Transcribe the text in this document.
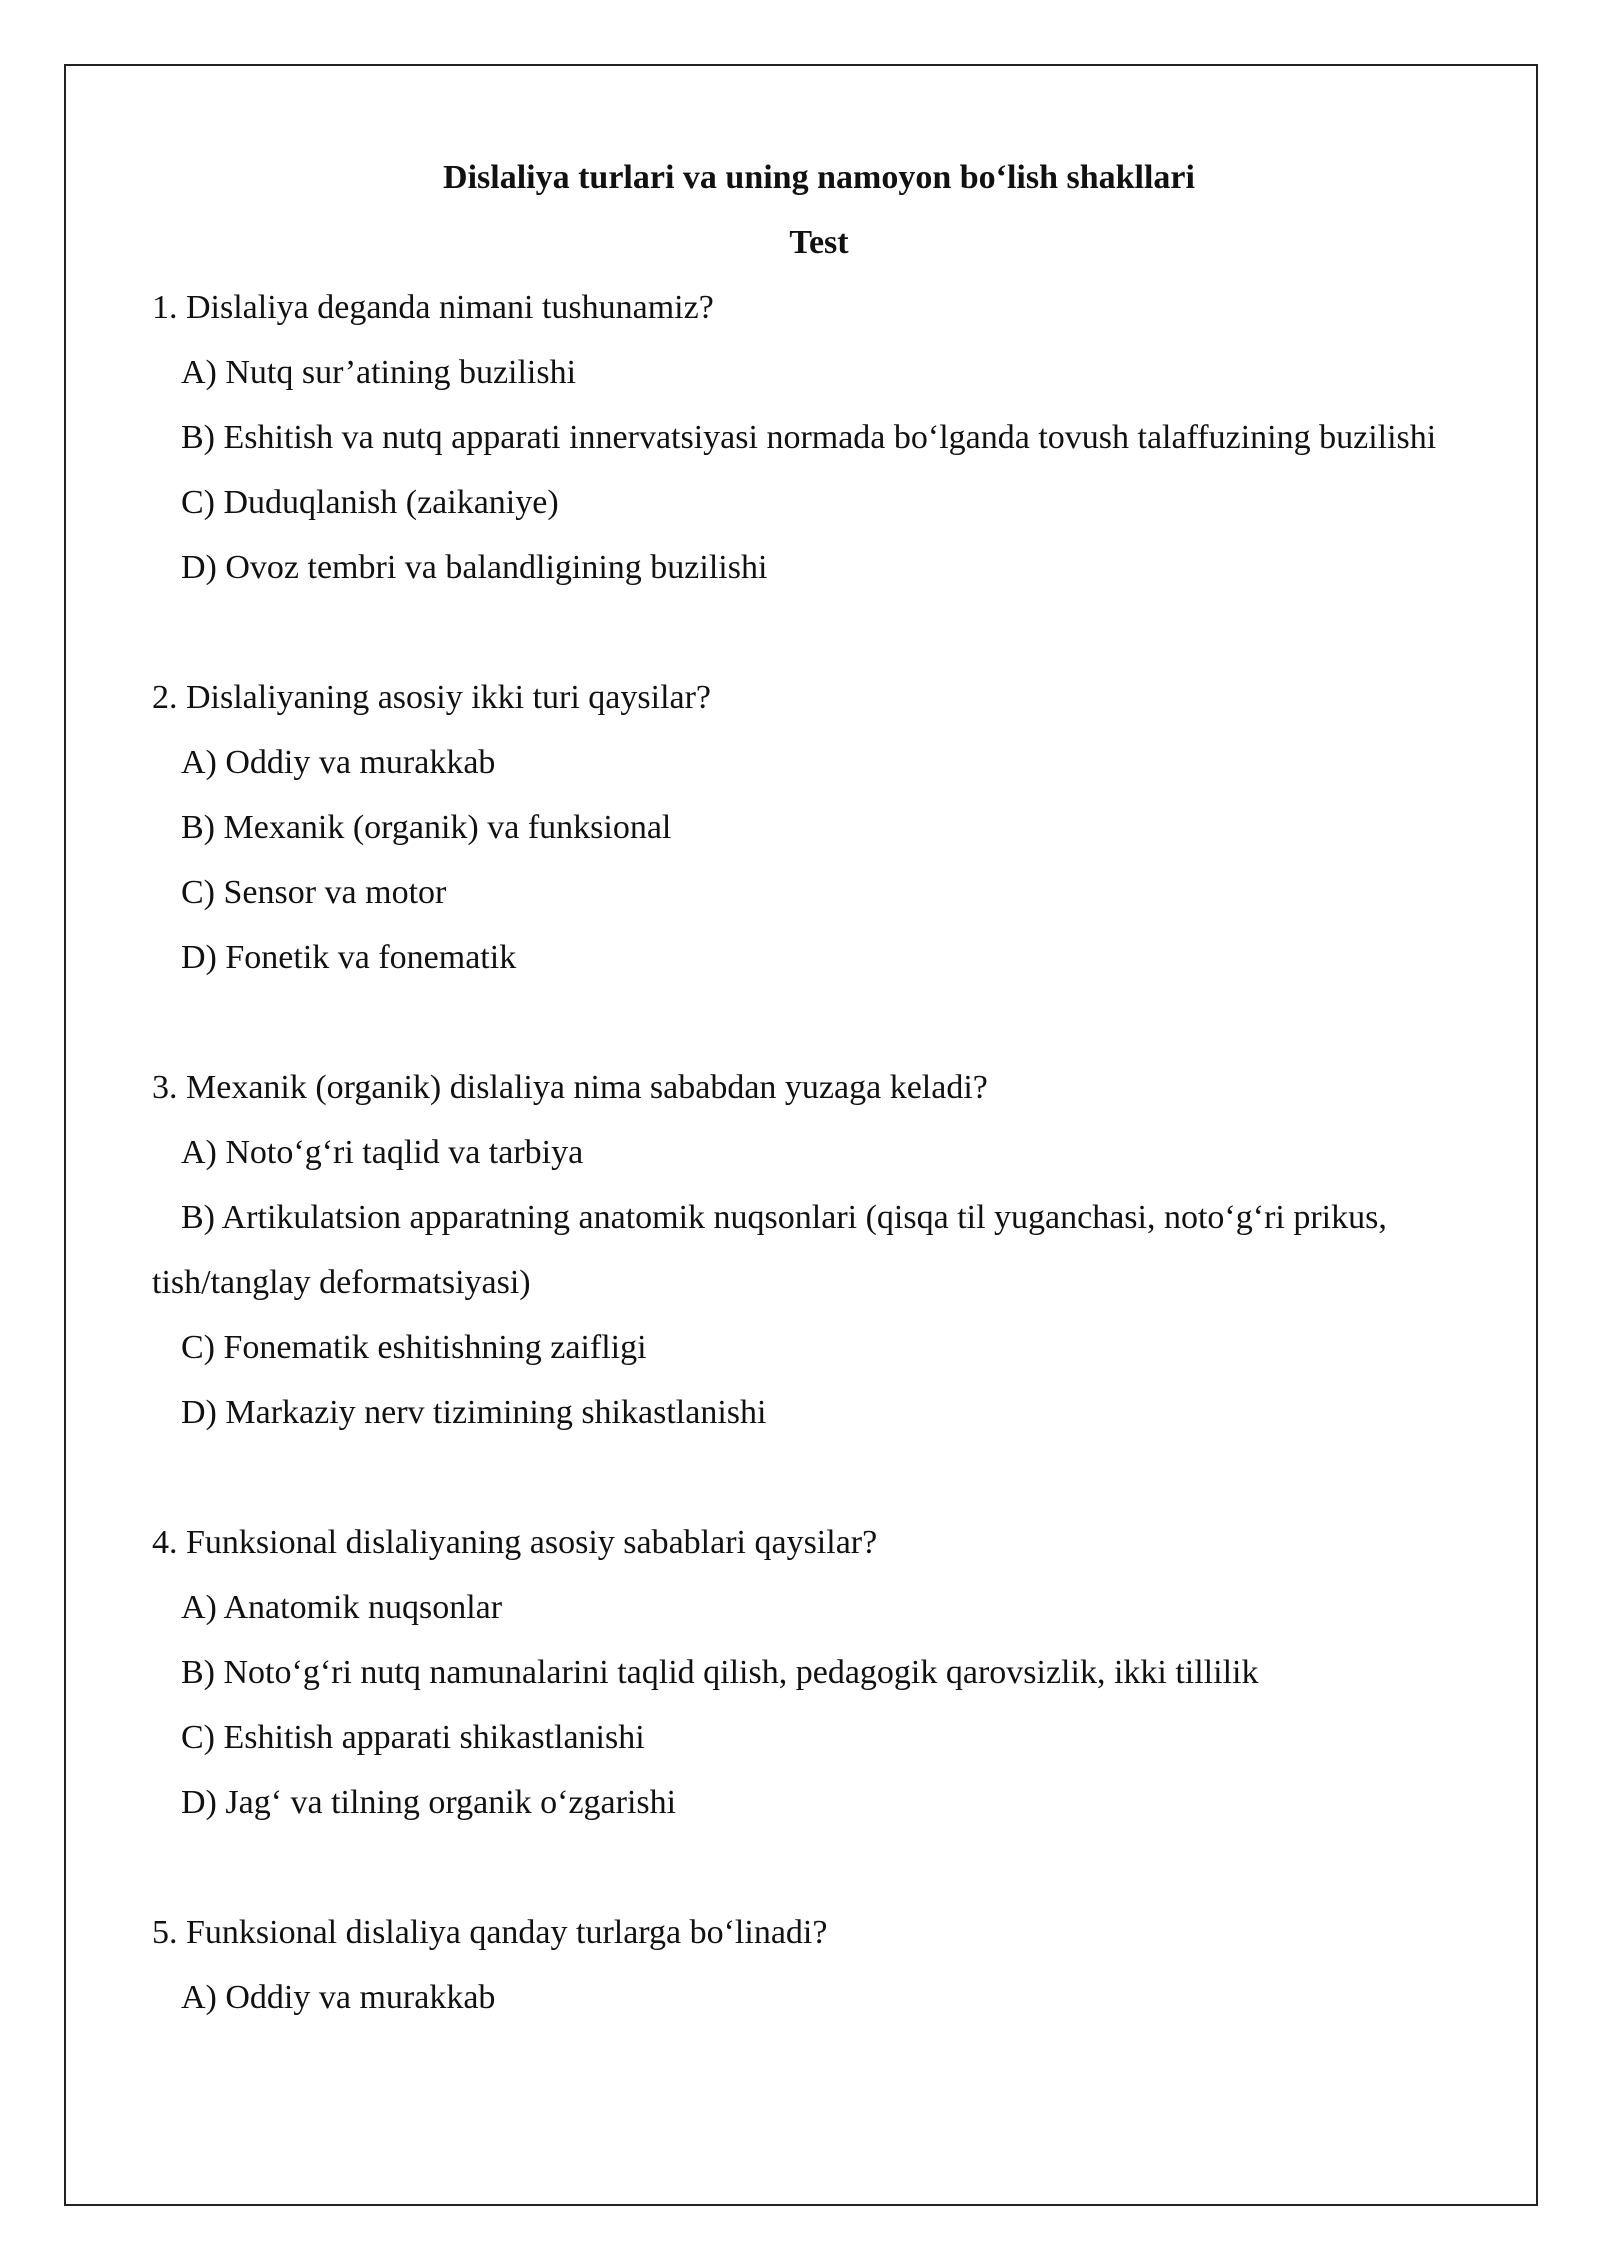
Dislaliya turlari va uning namoyon bo‘lish shakllari
Test
1. Dislaliya deganda nimani tushunamiz?
A) Nutq sur’atining buzilishi
B) Eshitish va nutq apparati innervatsiyasi normada bo‘lganda tovush talaffuzining buzilishi
C) Duduqlanish (zaikaniye)
D) Ovoz tembri va balandligining buzilishi
2. Dislaliyaning asosiy ikki turi qaysilar?
A) Oddiy va murakkab
B) Mexanik (organik) va funksional
C) Sensor va motor
D) Fonetik va fonematik
3. Mexanik (organik) dislaliya nima sababdan yuzaga keladi?
A) Noto‘g‘ri taqlid va tarbiya
B) Artikulatsion apparatning anatomik nuqsonlari (qisqa til yuganchasi, noto‘g‘ri prikus, tish/tanglay deformatsiyasi)
C) Fonematik eshitishning zaifligi
D) Markaziy nerv tizimining shikastlanishi
4. Funksional dislaliyaning asosiy sabablari qaysilar?
A) Anatomik nuqsonlar
B) Noto‘g‘ri nutq namunalarini taqlid qilish, pedagogik qarovsizlik, ikki tillilik
C) Eshitish apparati shikastlanishi
D) Jag‘ va tilning organik o‘zgarishi
5. Funksional dislaliya qanday turlarga bo‘linadi?
A) Oddiy va murakkab
